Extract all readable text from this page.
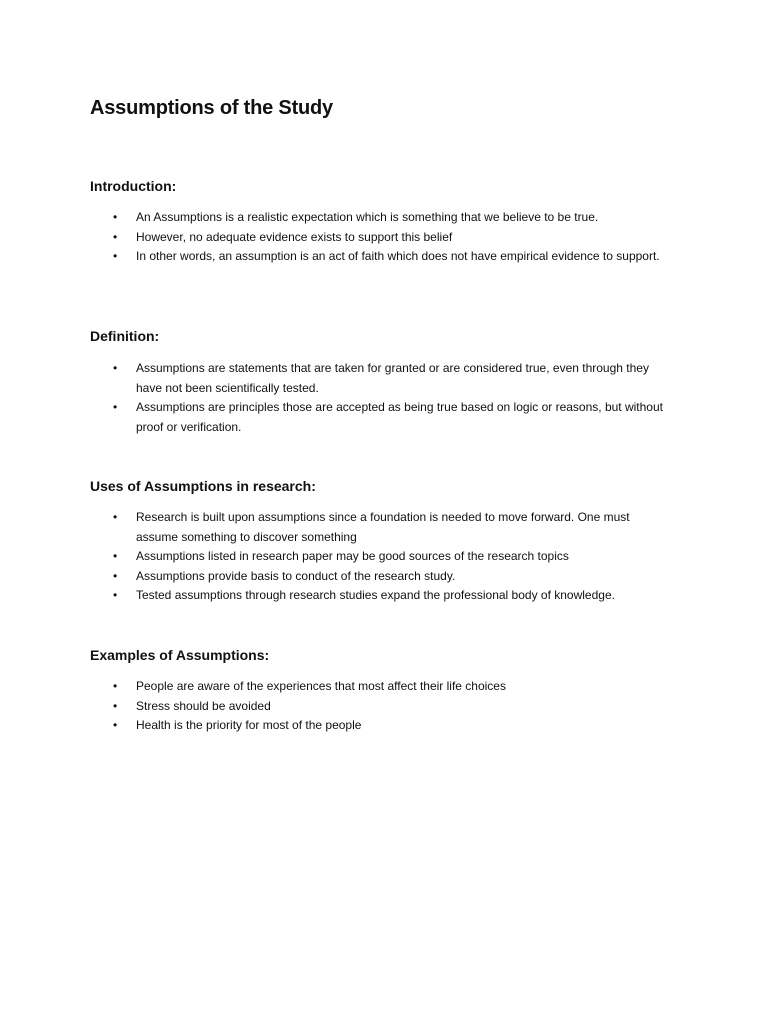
Assumptions of the Study
Introduction:
• An Assumptions is a realistic expectation which is something that we believe to be true.
• However, no adequate evidence exists to support this belief
• In other words, an assumption is an act of faith which does not have empirical evidence to support.
Definition:
• Assumptions are statements that are taken for granted or are considered true, even through they have not been scientifically tested.
• Assumptions are principles those are accepted as being true based on logic or reasons, but without proof or verification.
Uses of Assumptions in research:
• Research is built upon assumptions since a foundation is needed to move forward. One must assume something to discover something
• Assumptions listed in research paper may be good sources of the research topics
• Assumptions provide basis to conduct of the research study.
• Tested assumptions through research studies expand the professional body of knowledge.
Examples of Assumptions:
• People are aware of the experiences that most affect their life choices
• Stress should be avoided
• Health is the priority for most of the people
